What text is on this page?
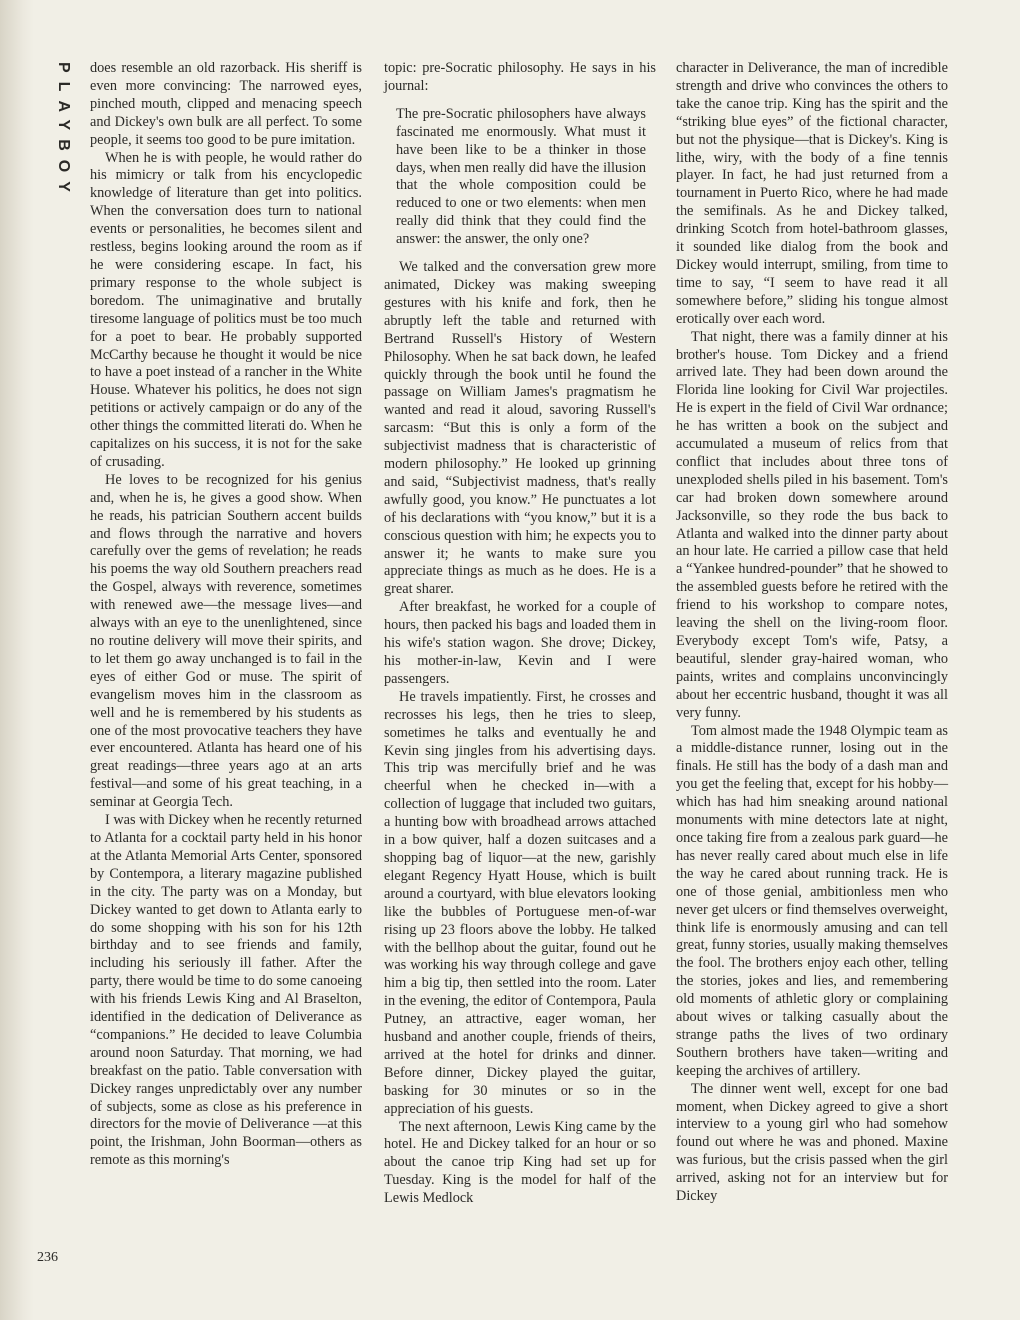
PLAYBOY
236

does resemble an old razorback. His sheriff is even more convincing: The narrowed eyes, pinched mouth, clipped and menacing speech and Dickey's own bulk are all perfect. To some people, it seems too good to be pure imitation.

When he is with people, he would rather do his mimicry or talk from his encyclopedic knowledge of literature than get into politics. When the conversation does turn to national events or personalities, he becomes silent and restless, begins looking around the room as if he were considering escape. In fact, his primary response to the whole subject is boredom. The unimaginative and brutally tiresome language of politics must be too much for a poet to bear. He probably supported McCarthy because he thought it would be nice to have a poet instead of a rancher in the White House. Whatever his politics, he does not sign petitions or actively campaign or do any of the other things the committed literati do. When he capitalizes on his success, it is not for the sake of crusading.

He loves to be recognized for his genius and, when he is, he gives a good show. When he reads, his patrician Southern accent builds and flows through the narrative and hovers carefully over the gems of revelation; he reads his poems the way old Southern preachers read the Gospel, always with reverence, sometimes with renewed awe—the message lives—and always with an eye to the unenlightened, since no routine delivery will move their spirits, and to let them go away unchanged is to fail in the eyes of either God or muse. The spirit of evangelism moves him in the classroom as well and he is remembered by his students as one of the most provocative teachers they have ever encountered. Atlanta has heard one of his great readings—three years ago at an arts festival—and some of his great teaching, in a seminar at Georgia Tech.

I was with Dickey when he recently returned to Atlanta for a cocktail party held in his honor at the Atlanta Memorial Arts Center, sponsored by Contempora, a literary magazine published in the city. The party was on a Monday, but Dickey wanted to get down to Atlanta early to do some shopping with his son for his 12th birthday and to see friends and family, including his seriously ill father. After the party, there would be time to do some canoeing with his friends Lewis King and Al Braselton, identified in the dedication of Deliverance as “companions.” He decided to leave Columbia around noon Saturday. That morning, we had breakfast on the patio. Table conversation with Dickey ranges unpredictably over any number of subjects, some as close as his preference in directors for the movie of Deliverance —at this point, the Irishman, John Boorman—others as remote as this morning's

topic: pre-Socratic philosophy. He says in his journal:

The pre-Socratic philosophers have always fascinated me enormously. What must it have been like to be a thinker in those days, when men really did have the illusion that the whole composition could be reduced to one or two elements: when men really did think that they could find the answer: the answer, the only one?

We talked and the conversation grew more animated, Dickey was making sweeping gestures with his knife and fork, then he abruptly left the table and returned with Bertrand Russell's History of Western Philosophy. When he sat back down, he leafed quickly through the book until he found the passage on William James's pragmatism he wanted and read it aloud, savoring Russell's sarcasm: “But this is only a form of the subjectivist madness that is characteristic of modern philosophy.” He looked up grinning and said, “Subjectivist madness, that's really awfully good, you know.” He punctuates a lot of his declarations with “you know,” but it is a conscious question with him; he expects you to answer it; he wants to make sure you appreciate things as much as he does. He is a great sharer.

After breakfast, he worked for a couple of hours, then packed his bags and loaded them in his wife's station wagon. She drove; Dickey, his mother-in-law, Kevin and I were passengers.

He travels impatiently. First, he crosses and recrosses his legs, then he tries to sleep, sometimes he talks and eventually he and Kevin sing jingles from his advertising days. This trip was mercifully brief and he was cheerful when he checked in—with a collection of luggage that included two guitars, a hunting bow with broadhead arrows attached in a bow quiver, half a dozen suitcases and a shopping bag of liquor—at the new, garishly elegant Regency Hyatt House, which is built around a courtyard, with blue elevators looking like the bubbles of Portuguese men-of-war rising up 23 floors above the lobby. He talked with the bellhop about the guitar, found out he was working his way through college and gave him a big tip, then settled into the room. Later in the evening, the editor of Contempora, Paula Putney, an attractive, eager woman, her husband and another couple, friends of theirs, arrived at the hotel for drinks and dinner. Before dinner, Dickey played the guitar, basking for 30 minutes or so in the appreciation of his guests.

The next afternoon, Lewis King came by the hotel. He and Dickey talked for an hour or so about the canoe trip King had set up for Tuesday. King is the model for half of the Lewis Medlock

character in Deliverance, the man of incredible strength and drive who convinces the others to take the canoe trip. King has the spirit and the “striking blue eyes” of the fictional character, but not the physique—that is Dickey's. King is lithe, wiry, with the body of a fine tennis player. In fact, he had just returned from a tournament in Puerto Rico, where he had made the semifinals. As he and Dickey talked, drinking Scotch from hotel-bathroom glasses, it sounded like dialog from the book and Dickey would interrupt, smiling, from time to time to say, “I seem to have read it all somewhere before,” sliding his tongue almost erotically over each word.

That night, there was a family dinner at his brother's house. Tom Dickey and a friend arrived late. They had been down around the Florida line looking for Civil War projectiles. He is expert in the field of Civil War ordnance; he has written a book on the subject and accumulated a museum of relics from that conflict that includes about three tons of unexploded shells piled in his basement. Tom's car had broken down somewhere around Jacksonville, so they rode the bus back to Atlanta and walked into the dinner party about an hour late. He carried a pillow case that held a “Yankee hundred-pounder” that he showed to the assembled guests before he retired with the friend to his workshop to compare notes, leaving the shell on the living-room floor. Everybody except Tom's wife, Patsy, a beautiful, slender gray-haired woman, who paints, writes and complains unconvincingly about her eccentric husband, thought it was all very funny.

Tom almost made the 1948 Olympic team as a middle-distance runner, losing out in the finals. He still has the body of a dash man and you get the feeling that, except for his hobby—which has had him sneaking around national monuments with mine detectors late at night, once taking fire from a zealous park guard—he has never really cared about much else in life the way he cared about running track. He is one of those genial, ambitionless men who never get ulcers or find themselves overweight, think life is enormously amusing and can tell great, funny stories, usually making themselves the fool. The brothers enjoy each other, telling the stories, jokes and lies, and remembering old moments of athletic glory or complaining about wives or talking casually about the strange paths the lives of two ordinary Southern brothers have taken—writing and keeping the archives of artillery.

The dinner went well, except for one bad moment, when Dickey agreed to give a short interview to a young girl who had somehow found out where he was and phoned. Maxine was furious, but the crisis passed when the girl arrived, asking not for an interview but for Dickey
